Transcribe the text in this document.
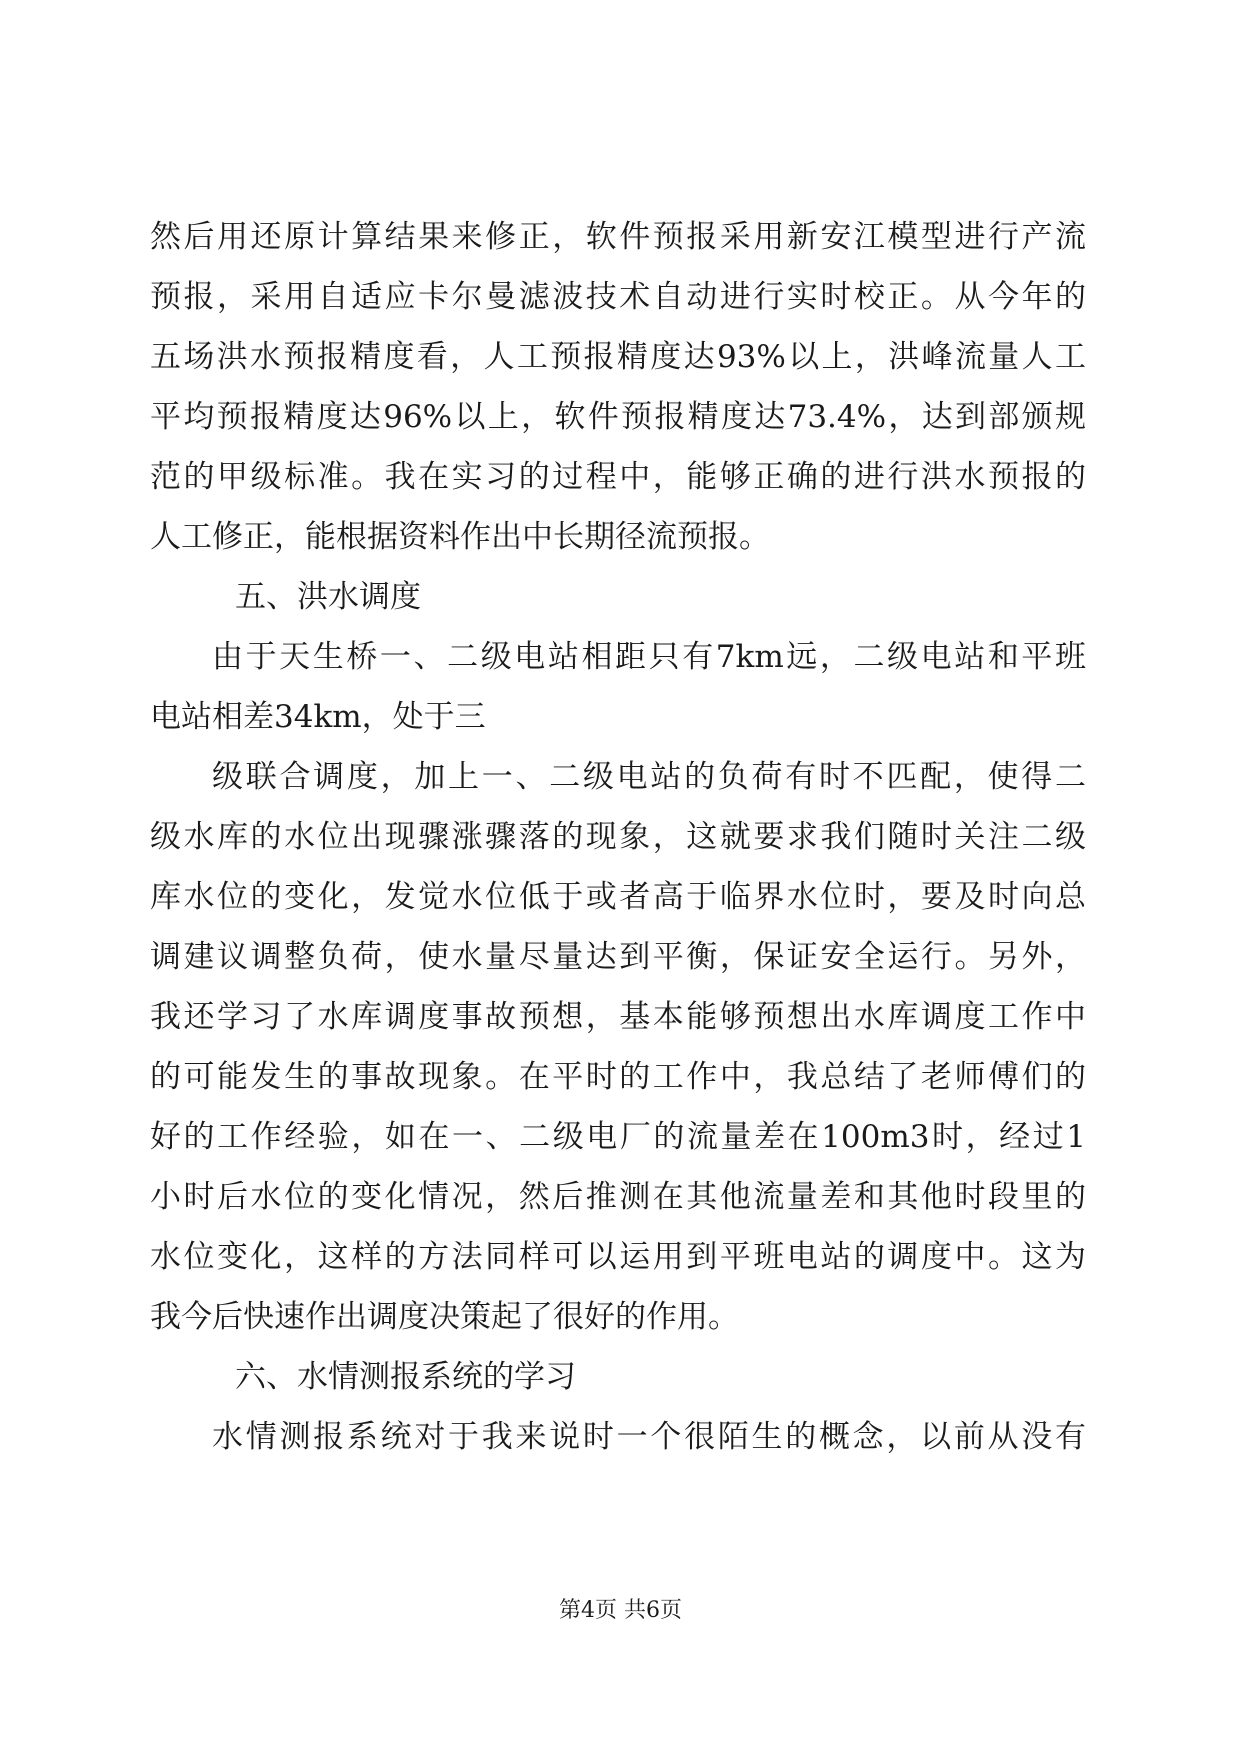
然后用还原计算结果来修正，软件预报采用新安江模型进行产流
预报，采用自适应卡尔曼滤波技术自动进行实时校正。从今年的
五场洪水预报精度看，人工预报精度达93%以上，洪峰流量人工
平均预报精度达96%以上，软件预报精度达73.4%，达到部颁规
范的甲级标准。我在实习的过程中，能够正确的进行洪水预报的
人工修正，能根据资料作出中长期径流预报。
五、洪水调度
由于天生桥一、二级电站相距只有7km远，二级电站和平班
电站相差34km，处于三
级联合调度，加上一、二级电站的负荷有时不匹配，使得二
级水库的水位出现骤涨骤落的现象，这就要求我们随时关注二级
库水位的变化，发觉水位低于或者高于临界水位时，要及时向总
调建议调整负荷，使水量尽量达到平衡，保证安全运行。另外，
我还学习了水库调度事故预想，基本能够预想出水库调度工作中
的可能发生的事故现象。在平时的工作中，我总结了老师傅们的
好的工作经验，如在一、二级电厂的流量差在100m3时，经过1
小时后水位的变化情况，然后推测在其他流量差和其他时段里的
水位变化，这样的方法同样可以运用到平班电站的调度中。这为
我今后快速作出调度决策起了很好的作用。
六、水情测报系统的学习
水情测报系统对于我来说时一个很陌生的概念，以前从没有
第4页 共6页
